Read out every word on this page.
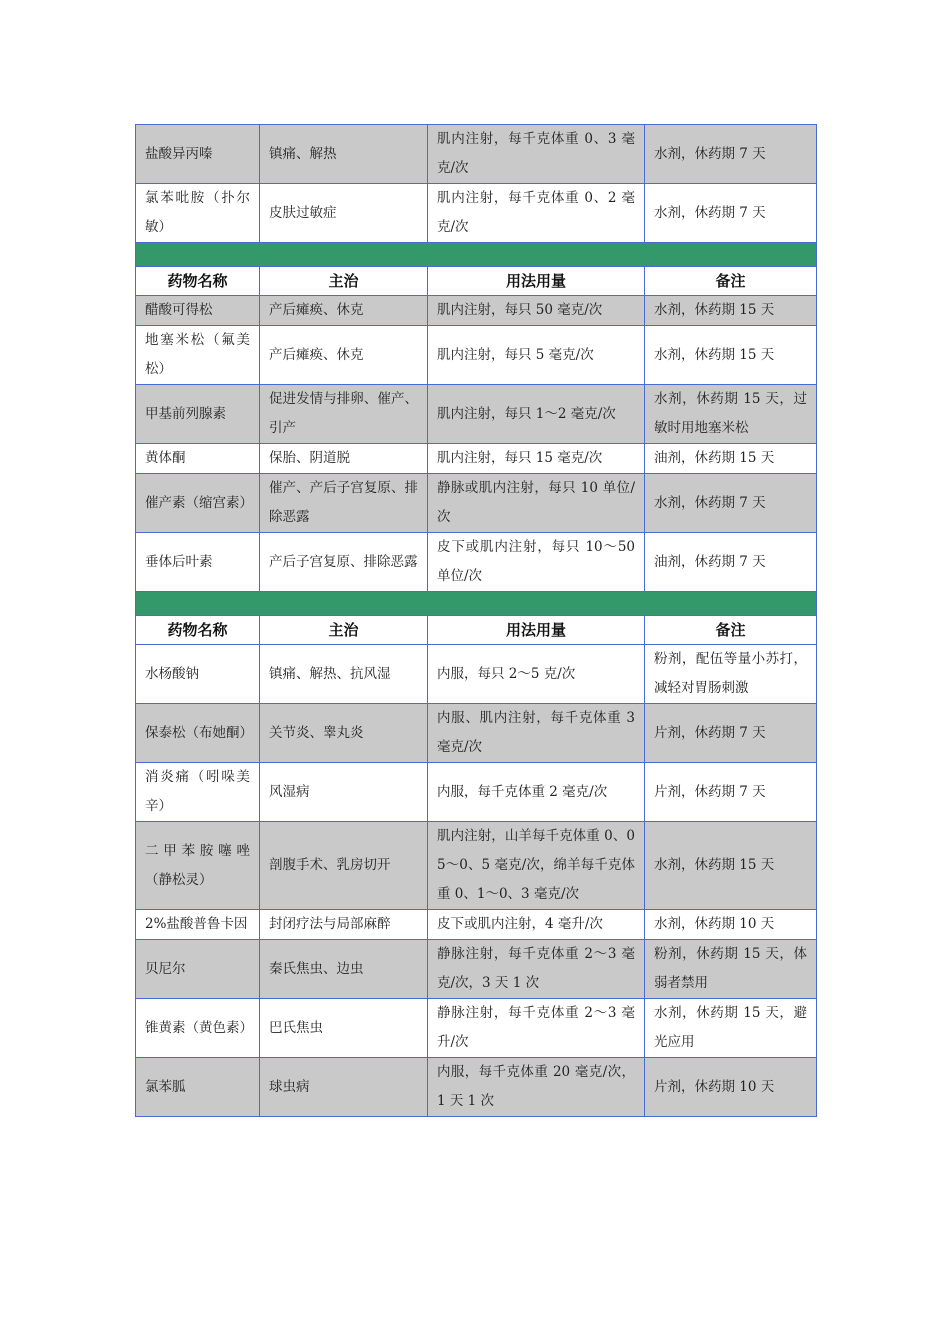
盐酸异丙嗪	镇痛、解热	肌内注射，每千克体重 0、3 毫克/次	水剂，休药期 7 天
氯苯吡胺（扑尔敏）	皮肤过敏症	肌内注射，每千克体重 0、2 毫克/次	水剂，休药期 7 天

药物名称	主治	用法用量	备注
醋酸可得松	产后瘫痪、休克	肌内注射，每只 50 毫克/次	水剂，休药期 15 天
地塞米松（氟美松）	产后瘫痪、休克	肌内注射，每只 5 毫克/次	水剂，休药期 15 天
甲基前列腺素	促进发情与排卵、催产、引产	肌内注射，每只 1～2 毫克/次	水剂，休药期 15 天，过敏时用地塞米松
黄体酮	保胎、阴道脱	肌内注射，每只 15 毫克/次	油剂，休药期 15 天
催产素（缩宫素）	催产、产后子宫复原、排除恶露	静脉或肌内注射，每只 10 单位/次	水剂，休药期 7 天
垂体后叶素	产后子宫复原、排除恶露	皮下或肌内注射，每只 10～50 单位/次	油剂，休药期 7 天

药物名称	主治	用法用量	备注
水杨酸钠	镇痛、解热、抗风湿	内服，每只 2～5 克/次	粉剂，配伍等量小苏打，减轻对胃肠刺激
保泰松（布她酮）	关节炎、睾丸炎	内服、肌内注射，每千克体重 3 毫克/次	片剂，休药期 7 天
消炎痛（吲哚美辛）	风湿病	内服，每千克体重 2 毫克/次	片剂，休药期 7 天
二甲苯胺噻唑（静松灵）	剖腹手术、乳房切开	肌内注射，山羊每千克体重 0、05～0、5 毫克/次，绵羊每千克体重 0、1～0、3 毫克/次	水剂，休药期 15 天
2%盐酸普鲁卡因	封闭疗法与局部麻醉	皮下或肌内注射，4 毫升/次	水剂，休药期 10 天
贝尼尔	秦氏焦虫、边虫	静脉注射，每千克体重 2～3 毫克/次，3 天 1 次	粉剂，休药期 15 天，体弱者禁用
锥黄素（黄色素）	巴氏焦虫	静脉注射，每千克体重 2～3 毫升/次	水剂，休药期 15 天，避光应用
氯苯胍	球虫病	内服，每千克体重 20 毫克/次，1 天 1 次	片剂，休药期 10 天
